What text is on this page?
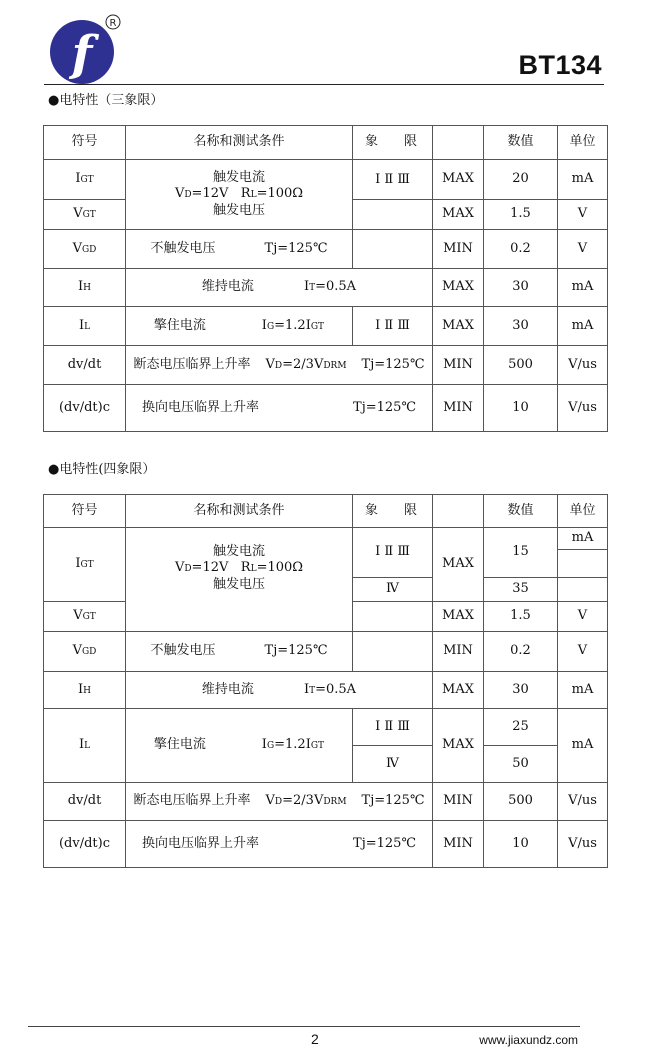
f
R
BT134
●电特性（三象限）
符号	名称和测试条件	象　　限		数值	单位
IGT	触发电流
VD=12V RL=100Ω
触发电压	Ⅰ Ⅱ Ⅲ	MAX	20	mA
VGT			MAX	1.5	V
VGD	不触发电压 Tj=125℃		MIN	0.2	V
IH	维持电流 IT=0.5A		MAX	30	mA
IL	擎住电流 IG=1.2IGT	Ⅰ Ⅱ Ⅲ	MAX	30	mA
dv/dt	断态电压临界上升率 VD=2/3VDRM Tj=125℃		MIN	500	V/us
(dv/dt)c	换向电压临界上升率 Tj=125℃		MIN	10	V/us
●电特性(四象限）
符号	名称和测试条件	象　　限		数值	单位
IGT	触发电流
VD=12V RL=100Ω
触发电压	Ⅰ Ⅱ Ⅲ	MAX	15	mA

		Ⅳ		35	
VGT			MAX	1.5	V
VGD	不触发电压 Tj=125℃		MIN	0.2	V
IH	维持电流 IT=0.5A		MAX	30	mA
IL	擎住电流 IG=1.2IGT	Ⅰ Ⅱ Ⅲ	MAX	25	mA
		Ⅳ		50	
dv/dt	断态电压临界上升率 VD=2/3VDRM Tj=125℃		MIN	500	V/us
(dv/dt)c	换向电压临界上升率 Tj=125℃		MIN	10	V/us
2	www.jiaxundz.com
